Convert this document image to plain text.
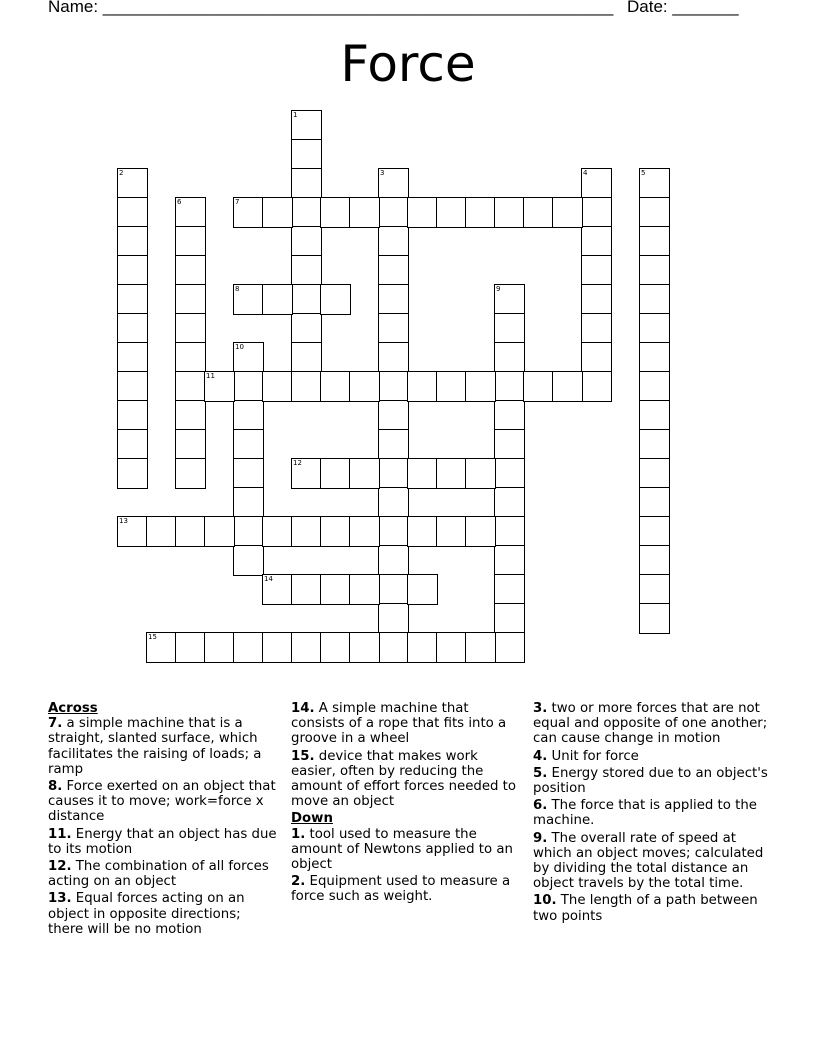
Name: ______________________________________________________ Date: _______
Force
1
2	3	4	5
6	7
8	9
10
11
12
13
14
15
Across
7. a simple machine that is a straight, slanted surface, which facilitates the raising of loads; a ramp
8. Force exerted on an object that causes it to move; work=force x distance
11. Energy that an object has due to its motion
12. The combination of all forces acting on an object
13. Equal forces acting on an object in opposite directions; there will be no motion
14. A simple machine that consists of a rope that fits into a groove in a wheel
15. device that makes work easier, often by reducing the amount of effort forces needed to move an object
Down
1. tool used to measure the amount of Newtons applied to an object
2. Equipment used to measure a force such as weight.
3. two or more forces that are not equal and opposite of one another; can cause change in motion
4. Unit for force
5. Energy stored due to an object's position
6. The force that is applied to the machine.
9. The overall rate of speed at which an object moves; calculated by dividing the total distance an object travels by the total time.
10. The length of a path between two points
